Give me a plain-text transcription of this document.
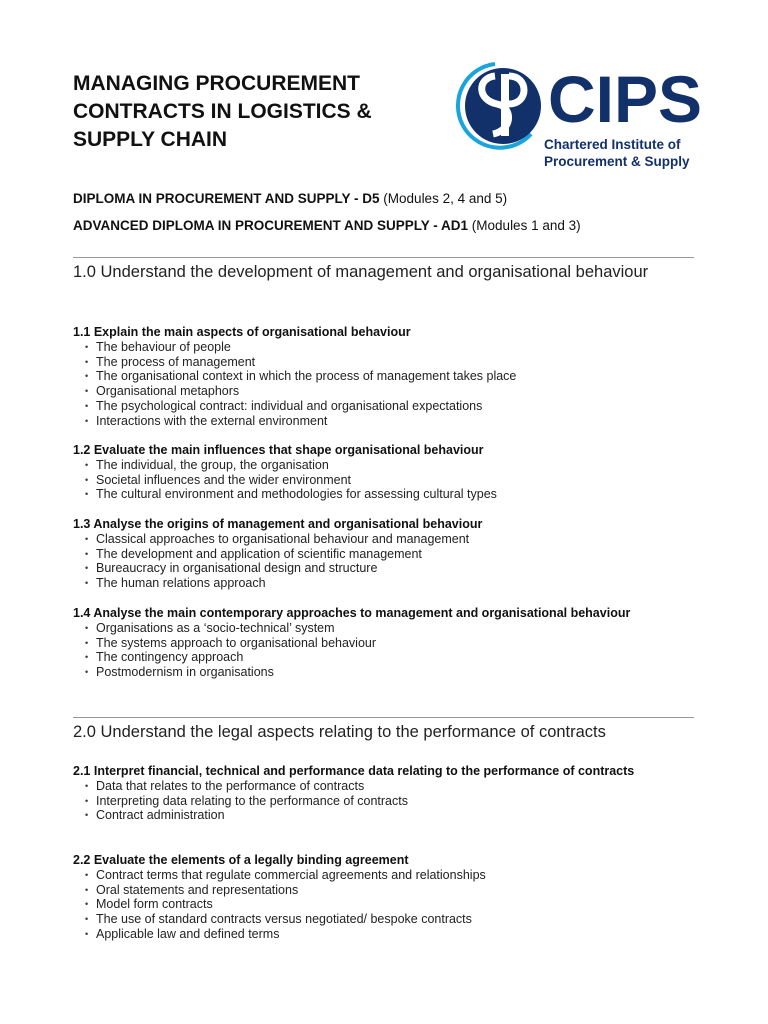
MANAGING PROCUREMENT
CONTRACTS IN LOGISTICS &
SUPPLY CHAIN
CIPS
Chartered Institute of
Procurement & Supply
DIPLOMA IN PROCUREMENT AND SUPPLY - D5 (Modules 2, 4 and 5)
ADVANCED DIPLOMA IN PROCUREMENT AND SUPPLY - AD1 (Modules 1 and 3)
1.0 Understand the development of management and organisational behaviour

1.1 Explain the main aspects of organisational behaviour

• The behaviour of people
• The process of management
• The organisational context in which the process of management takes place
• Organisational metaphors
• The psychological contract: individual and organisational expectations
• Interactions with the external environment

1.2 Evaluate the main influences that shape organisational behaviour

• The individual, the group, the organisation
• Societal influences and the wider environment
• The cultural environment and methodologies for assessing cultural types

1.3 Analyse the origins of management and organisational behaviour

• Classical approaches to organisational behaviour and management
• The development and application of scientific management
• Bureaucracy in organisational design and structure
• The human relations approach

1.4 Analyse the main contemporary approaches to management and organisational behaviour

• Organisations as a ‘socio-technical’ system
• The systems approach to organisational behaviour
• The contingency approach
• Postmodernism in organisations
2.0 Understand the legal aspects relating to the performance of contracts

2.1 Interpret financial, technical and performance data relating to the performance of contracts

• Data that relates to the performance of contracts
• Interpreting data relating to the performance of contracts
• Contract administration

2.2 Evaluate the elements of a legally binding agreement

• Contract terms that regulate commercial agreements and relationships
• Oral statements and representations
• Model form contracts
• The use of standard contracts versus negotiated/ bespoke contracts
• Applicable law and defined terms
